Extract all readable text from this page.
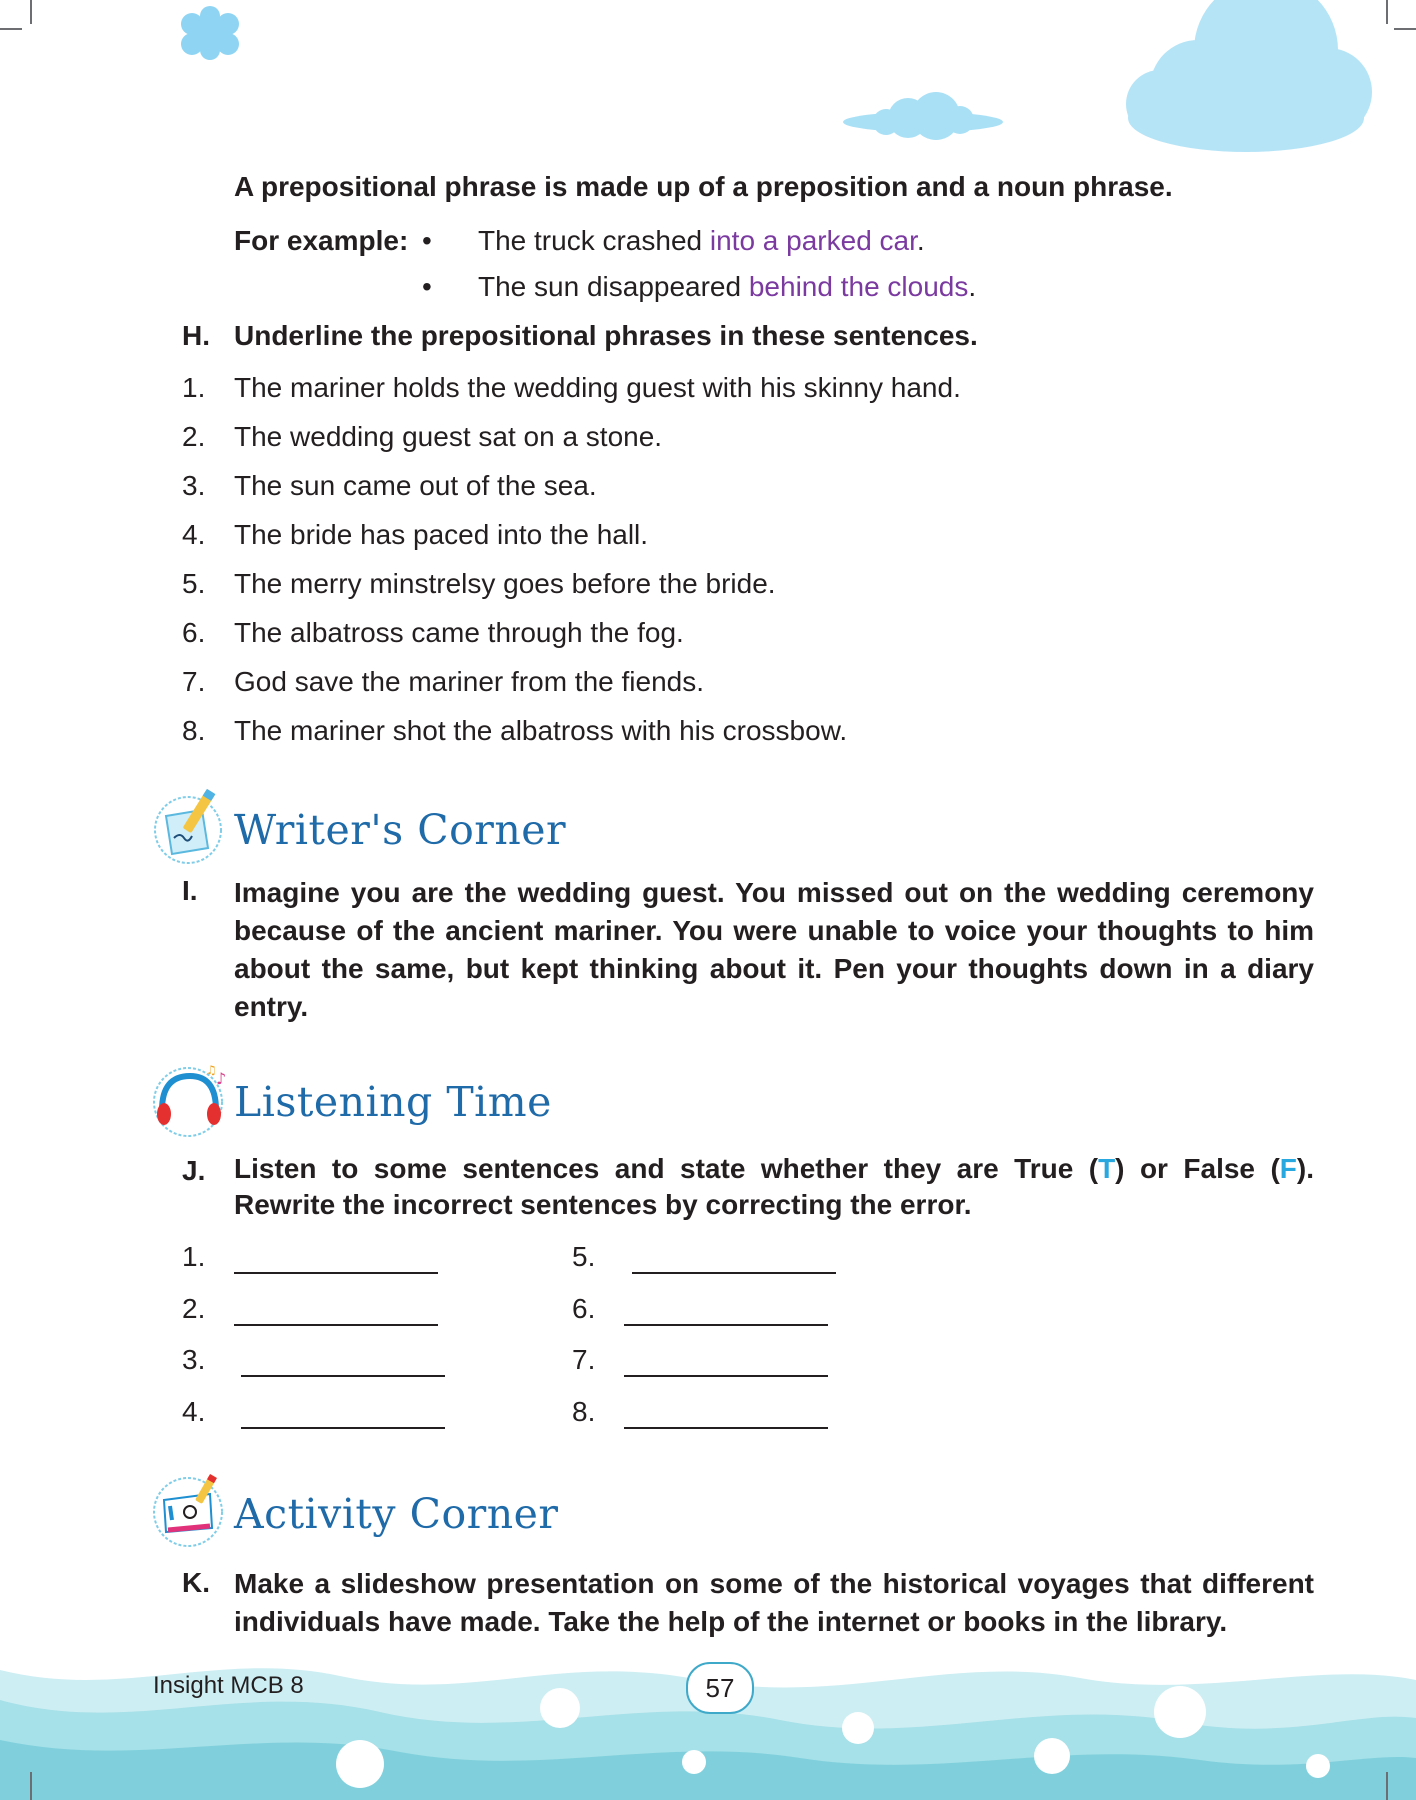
A prepositional phrase is made up of a preposition and a noun phrase.
For example: • The truck crashed into a parked car.
• The sun disappeared behind the clouds.
H. Underline the prepositional phrases in these sentences.
1. The mariner holds the wedding guest with his skinny hand.
2. The wedding guest sat on a stone.
3. The sun came out of the sea.
4. The bride has paced into the hall.
5. The merry minstrelsy goes before the bride.
6. The albatross came through the fog.
7. God save the mariner from the fiends.
8. The mariner shot the albatross with his crossbow.
Writer's Corner
I. Imagine you are the wedding guest. You missed out on the wedding ceremony because of the ancient mariner. You were unable to voice your thoughts to him about the same, but kept thinking about it. Pen your thoughts down in a diary entry.
♪
♫
Listening Time
J. Listen to some sentences and state whether they are True (T) or False (F). Rewrite the incorrect sentences by correcting the error.
1.
2.
3.
4.
5.
6.
7.
8.
Activity Corner
K. Make a slideshow presentation on some of the historical voyages that different individuals have made. Take the help of the internet or books in the library.
Insight MCB 8	57
